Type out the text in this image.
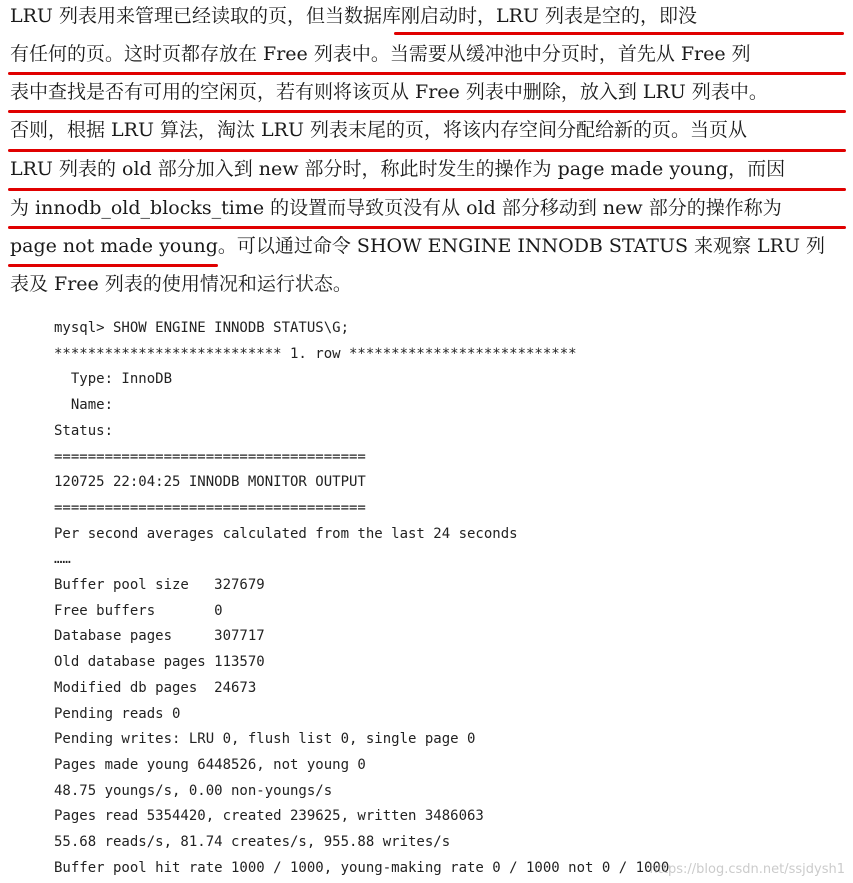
LRU 列表用来管理已经读取的页，但当数据库刚启动时，LRU 列表是空的，即没
有任何的页。这时页都存放在 Free 列表中。当需要从缓冲池中分页时，首先从 Free 列
表中查找是否有可用的空闲页，若有则将该页从 Free 列表中删除，放入到 LRU 列表中。
否则，根据 LRU 算法，淘汰 LRU 列表末尾的页，将该内存空间分配给新的页。当页从
LRU 列表的 old 部分加入到 new 部分时，称此时发生的操作为 page made young，而因
为 innodb_old_blocks_time 的设置而导致页没有从 old 部分移动到 new 部分的操作称为
page not made young。可以通过命令 SHOW ENGINE INNODB STATUS 来观察 LRU 列
表及 Free 列表的使用情况和运行状态。

mysql> SHOW ENGINE INNODB STATUS\G;

*************************** 1. row ***************************

Type: InnoDB

Name:

Status:

=====================================

120725 22:04:25 INNODB MONITOR OUTPUT

=====================================

Per second averages calculated from the last 24 seconds

……

Buffer pool size   327679

Free buffers       0

Database pages     307717

Old database pages 113570

Modified db pages  24673

Pending reads 0

Pending writes: LRU 0, flush list 0, single page 0

Pages made young 6448526, not young 0

48.75 youngs/s, 0.00 non-youngs/s

Pages read 5354420, created 239625, written 3486063

55.68 reads/s, 81.74 creates/s, 955.88 writes/s

Buffer pool hit rate 1000 / 1000, young-making rate 0 / 1000 not 0 / 1000

https://blog.csdn.net/ssjdysh1
